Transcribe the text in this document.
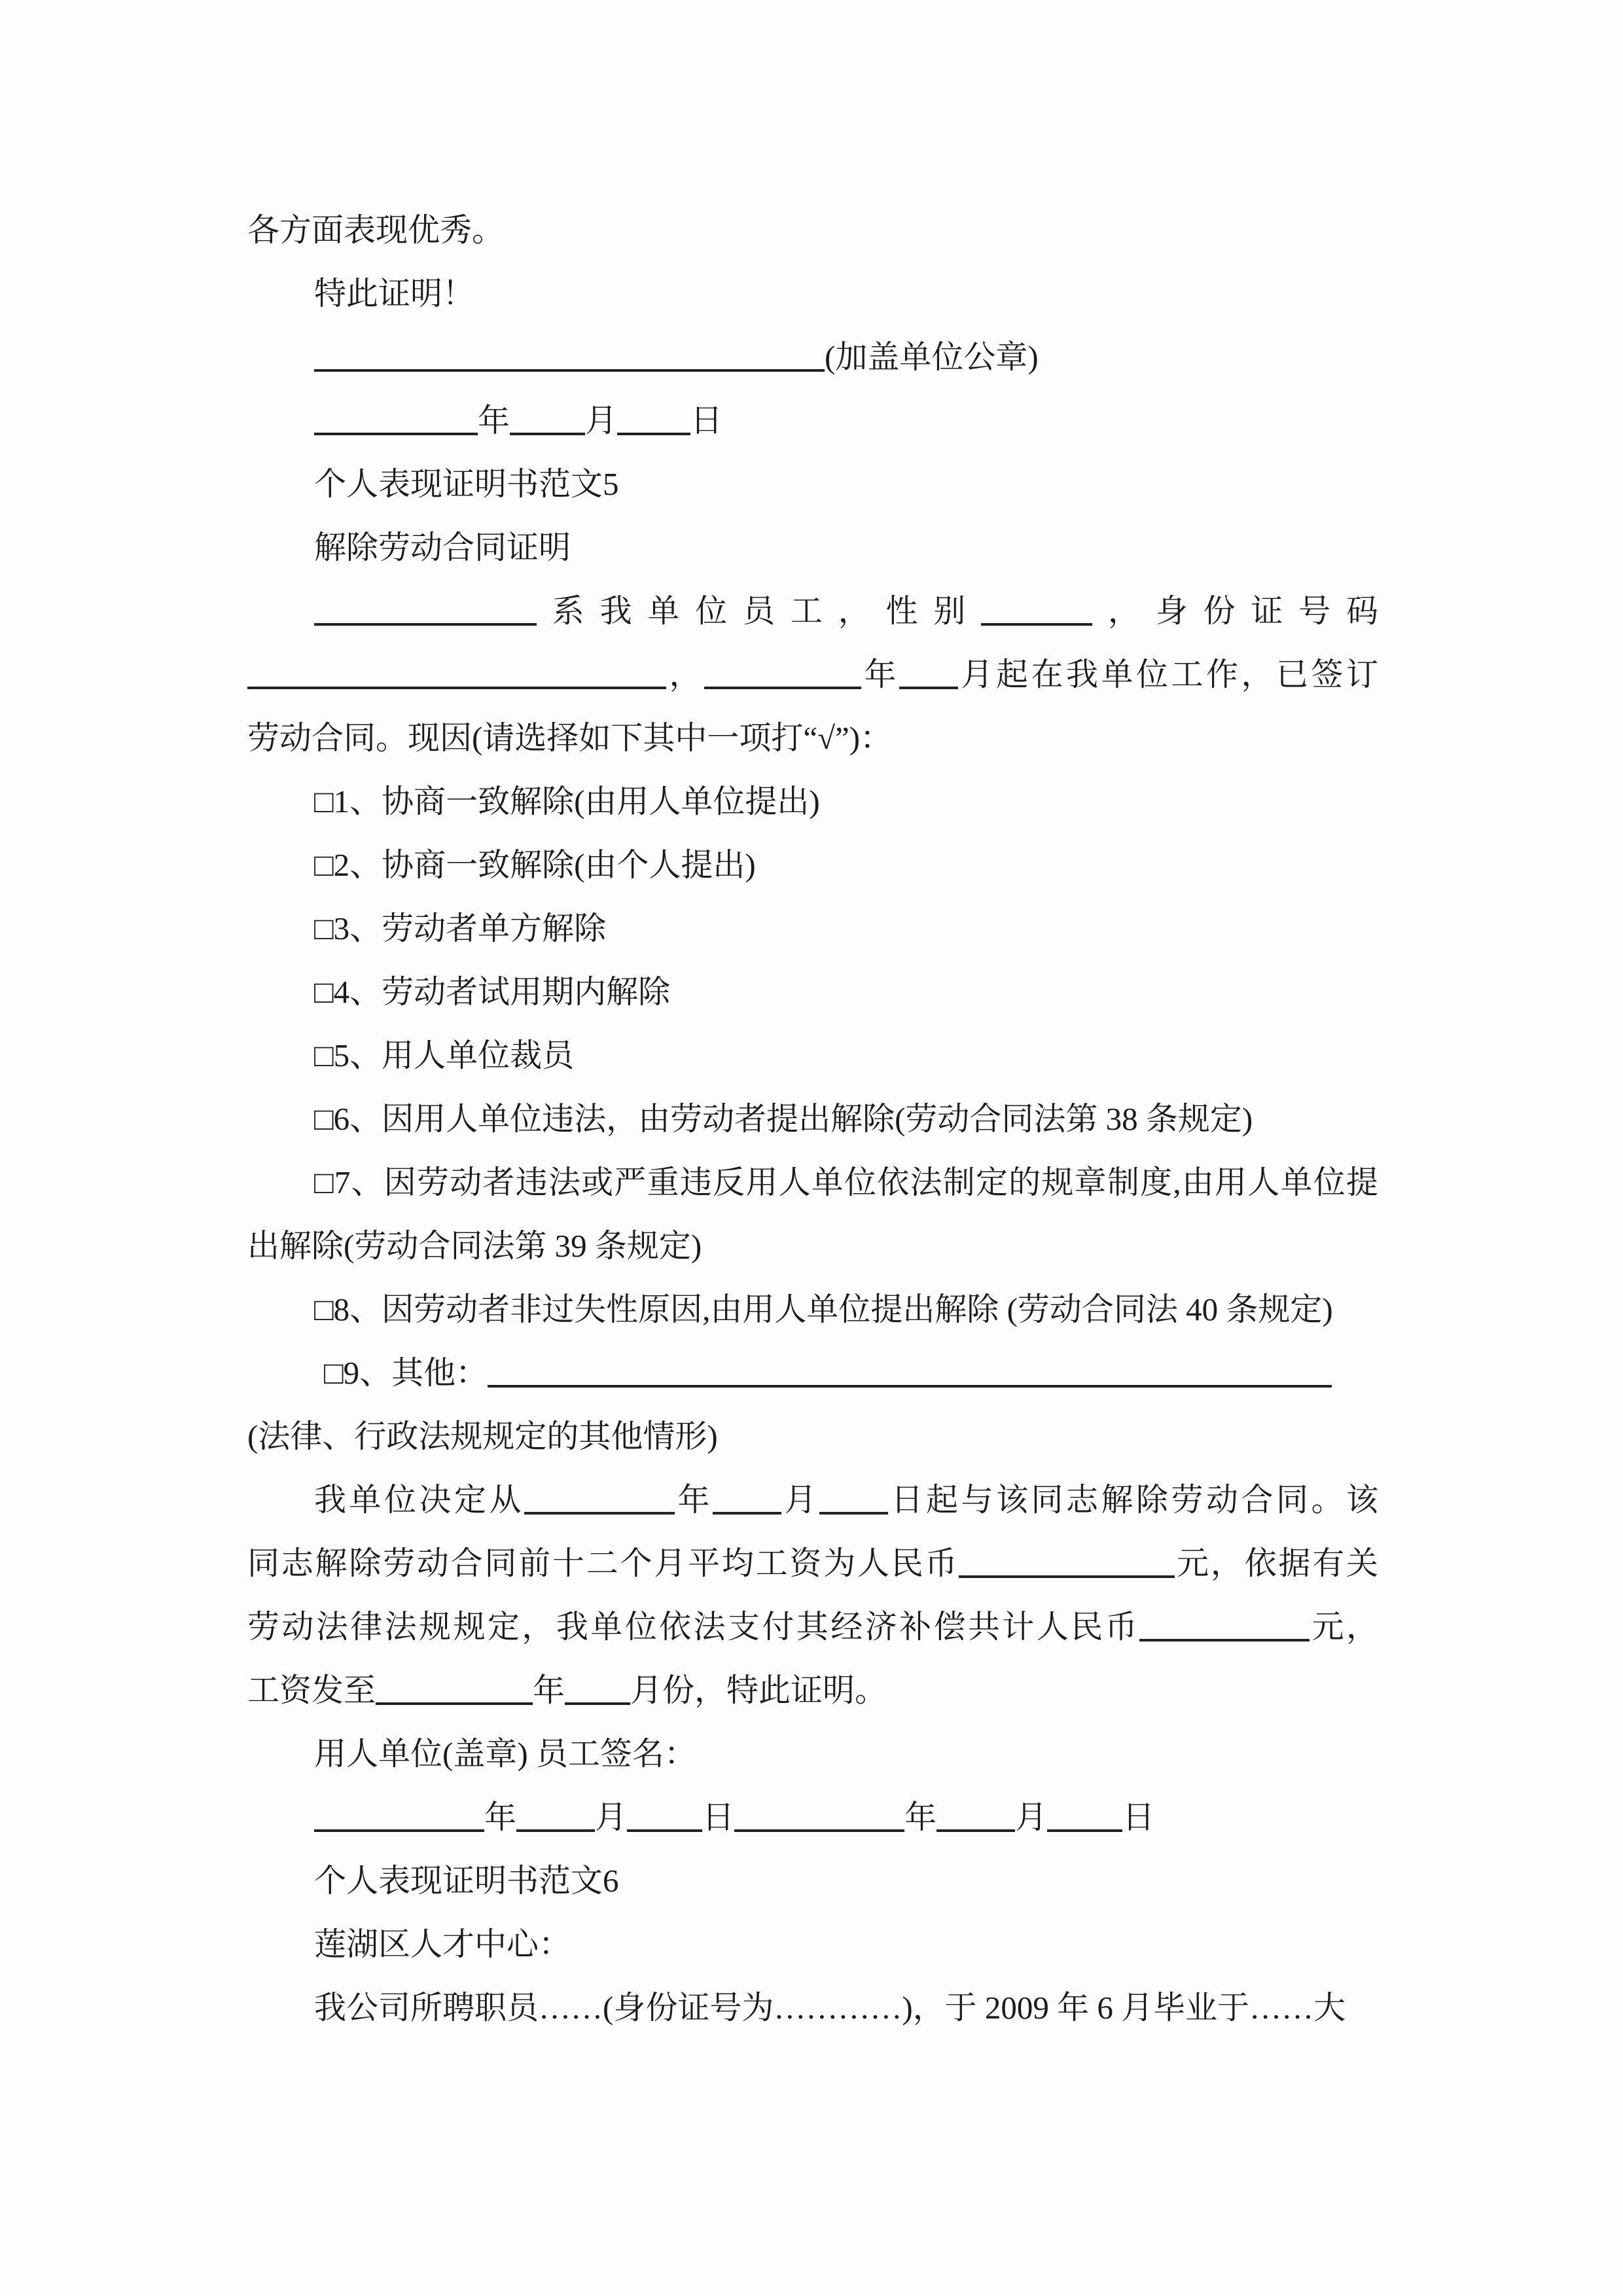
各方面表现优秀。
特此证明！
(加盖单位公章)
年 月 日
个人表现证明书范文5
解除劳动合同证明
系我单位员工，性别	，身份证号码
，	年 月起在我单位工作，已签订
劳动合同。现因(请选择如下其中一项打“√”)：
□1、协商一致解除(由用人单位提出)
□2、协商一致解除(由个人提出)
□3、劳动者单方解除
□4、劳动者试用期内解除
□5、用人单位裁员
□6、因用人单位违法，由劳动者提出解除(劳动合同法第 38 条规定)
□7、因劳动者违法或严重违反用人单位依法制定的规章制度,由用人单位提
出解除(劳动合同法第 39 条规定)
□8、因劳动者非过失性原因,由用人单位提出解除 (劳动合同法 40 条规定)
□9、其他：
(法律、行政法规规定的其他情形)
我单位决定从	年 月 日起与该同志解除劳动合同。该
同志解除劳动合同前十二个月平均工资为人民币	元，依据有关
劳动法律法规规定，我单位依法支付其经济补偿共计人民币	元，
工资发至	年 月份，特此证明。
用人单位(盖章) 员工签名：
年 月 日	年 月 日
个人表现证明书范文6
莲湖区人才中心：
我公司所聘职员……(身份证号为…………)，于 2009 年 6 月毕业于……大
